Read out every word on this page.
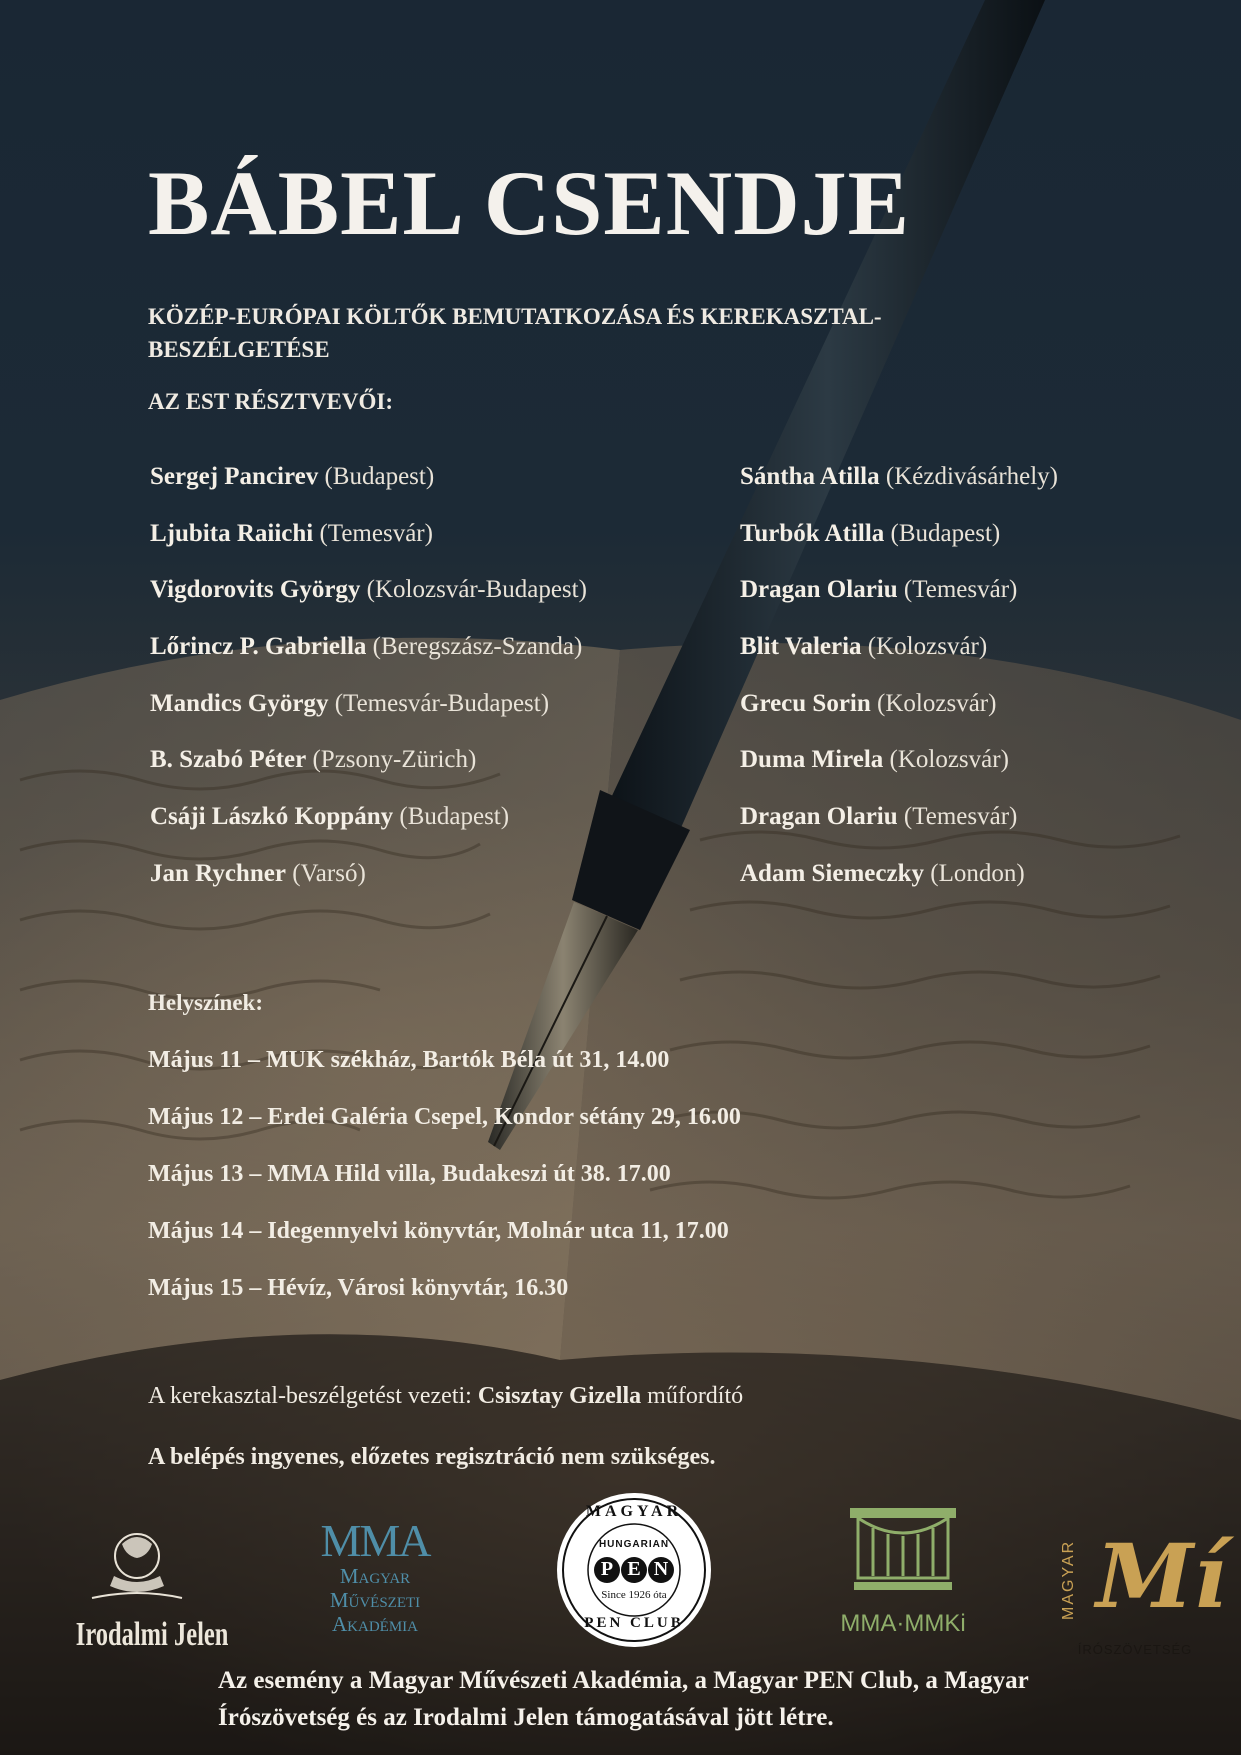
BÁBEL CSENDJE

KÖZÉP-EURÓPAI KÖLTŐK BEMUTATKOZÁSA ÉS KEREKASZTAL-BESZÉLGETÉSE

AZ EST RÉSZTVEVŐI:

Sergej Pancirev (Budapest)
Ljubita Raiichi (Temesvár)
Vigdorovits György (Kolozsvár-Budapest)
Lőrincz P. Gabriella (Beregszász-Szanda)
Mandics György (Temesvár-Budapest)
B. Szabó Péter (Pzsony-Zürich)
Csáji Lászkó Koppány (Budapest)
Jan Rychner (Varsó)
Sántha Atilla (Kézdivásárhely)
Turbók Atilla (Budapest)
Dragan Olariu (Temesvár)
Blit Valeria (Kolozsvár)
Grecu Sorin (Kolozsvár)
Duma Mirela (Kolozsvár)
Dragan Olariu (Temesvár)
Adam Siemeczky (London)

Helyszínek:

Május 11 – MUK székház, Bartók Béla út 31, 14.00
Május 12 – Erdei Galéria Csepel, Kondor sétány 29, 16.00
Május 13 – MMA Hild villa, Budakeszi út 38. 17.00
Május 14 – Idegennyelvi könyvtár, Molnár utca 11, 17.00
Május 15 – Hévíz, Városi könyvtár, 16.30
A kerekasztal-beszélgetést vezeti: Csisztay Gizella műfordító
A belépés ingyenes, előzetes regisztráció nem szükséges.
Irodalmi Jelen
MMA
Magyar
Művészeti
Akadémia
MAGYAR
HUNGARIAN
P E N
Since 1926 óta
PEN CLUB	MMA·MMKi
MAGYAR Mí
ÍRÓSZÖVETSÉG

Az esemény a Magyar Művészeti Akadémia, a Magyar PEN Club, a Magyar Írószövetség és az Irodalmi Jelen támogatásával jött létre.
